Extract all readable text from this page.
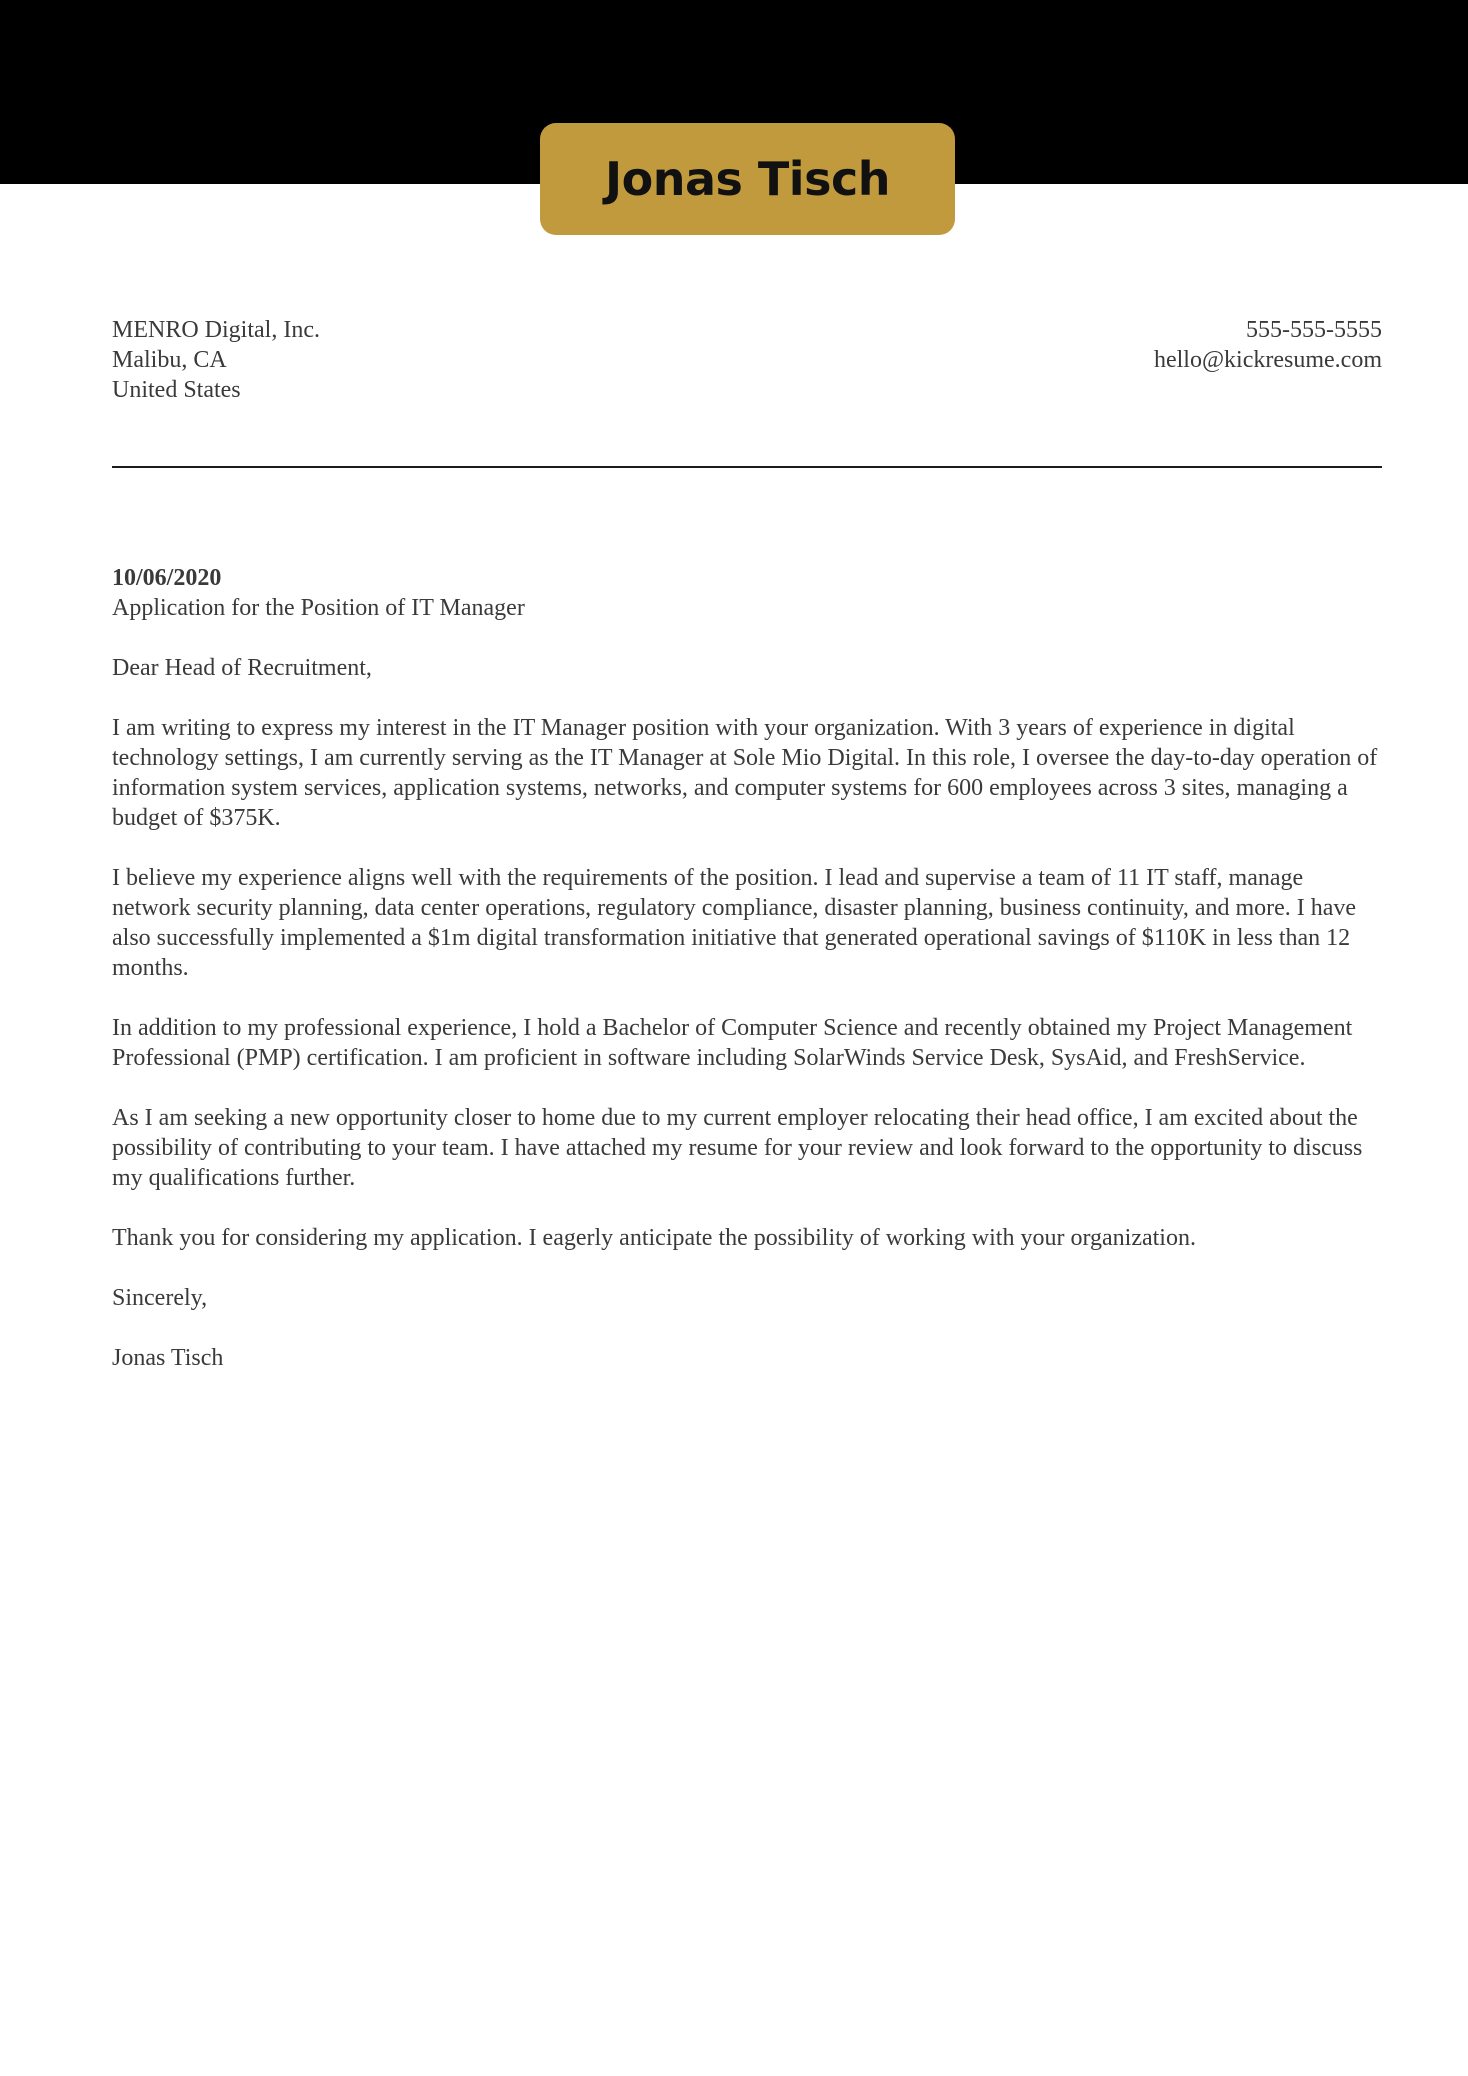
Jonas Tisch
MENRO Digital, Inc.
Malibu, CA
United States
555-555-5555
hello@kickresume.com

10/06/2020

Application for the Position of IT Manager

Dear Head of Recruitment,

I am writing to express my interest in the IT Manager position with your organization. With 3 years of experience in digital technology settings, I am currently serving as the IT Manager at Sole Mio Digital. In this role, I oversee the day-to-day operation of information system services, application systems, networks, and computer systems for 600 employees across 3 sites, managing a budget of $375K.

I believe my experience aligns well with the requirements of the position. I lead and supervise a team of 11 IT staff, manage network security planning, data center operations, regulatory compliance, disaster planning, business continuity, and more. I have also successfully implemented a $1m digital transformation initiative that generated operational savings of $110K in less than 12 months.

In addition to my professional experience, I hold a Bachelor of Computer Science and recently obtained my Project Management Professional (PMP) certification. I am proficient in software including SolarWinds Service Desk, SysAid, and FreshService.

As I am seeking a new opportunity closer to home due to my current employer relocating their head office, I am excited about the possibility of contributing to your team. I have attached my resume for your review and look forward to the opportunity to discuss my qualifications further.

Thank you for considering my application. I eagerly anticipate the possibility of working with your organization.

Sincerely,

Jonas Tisch
